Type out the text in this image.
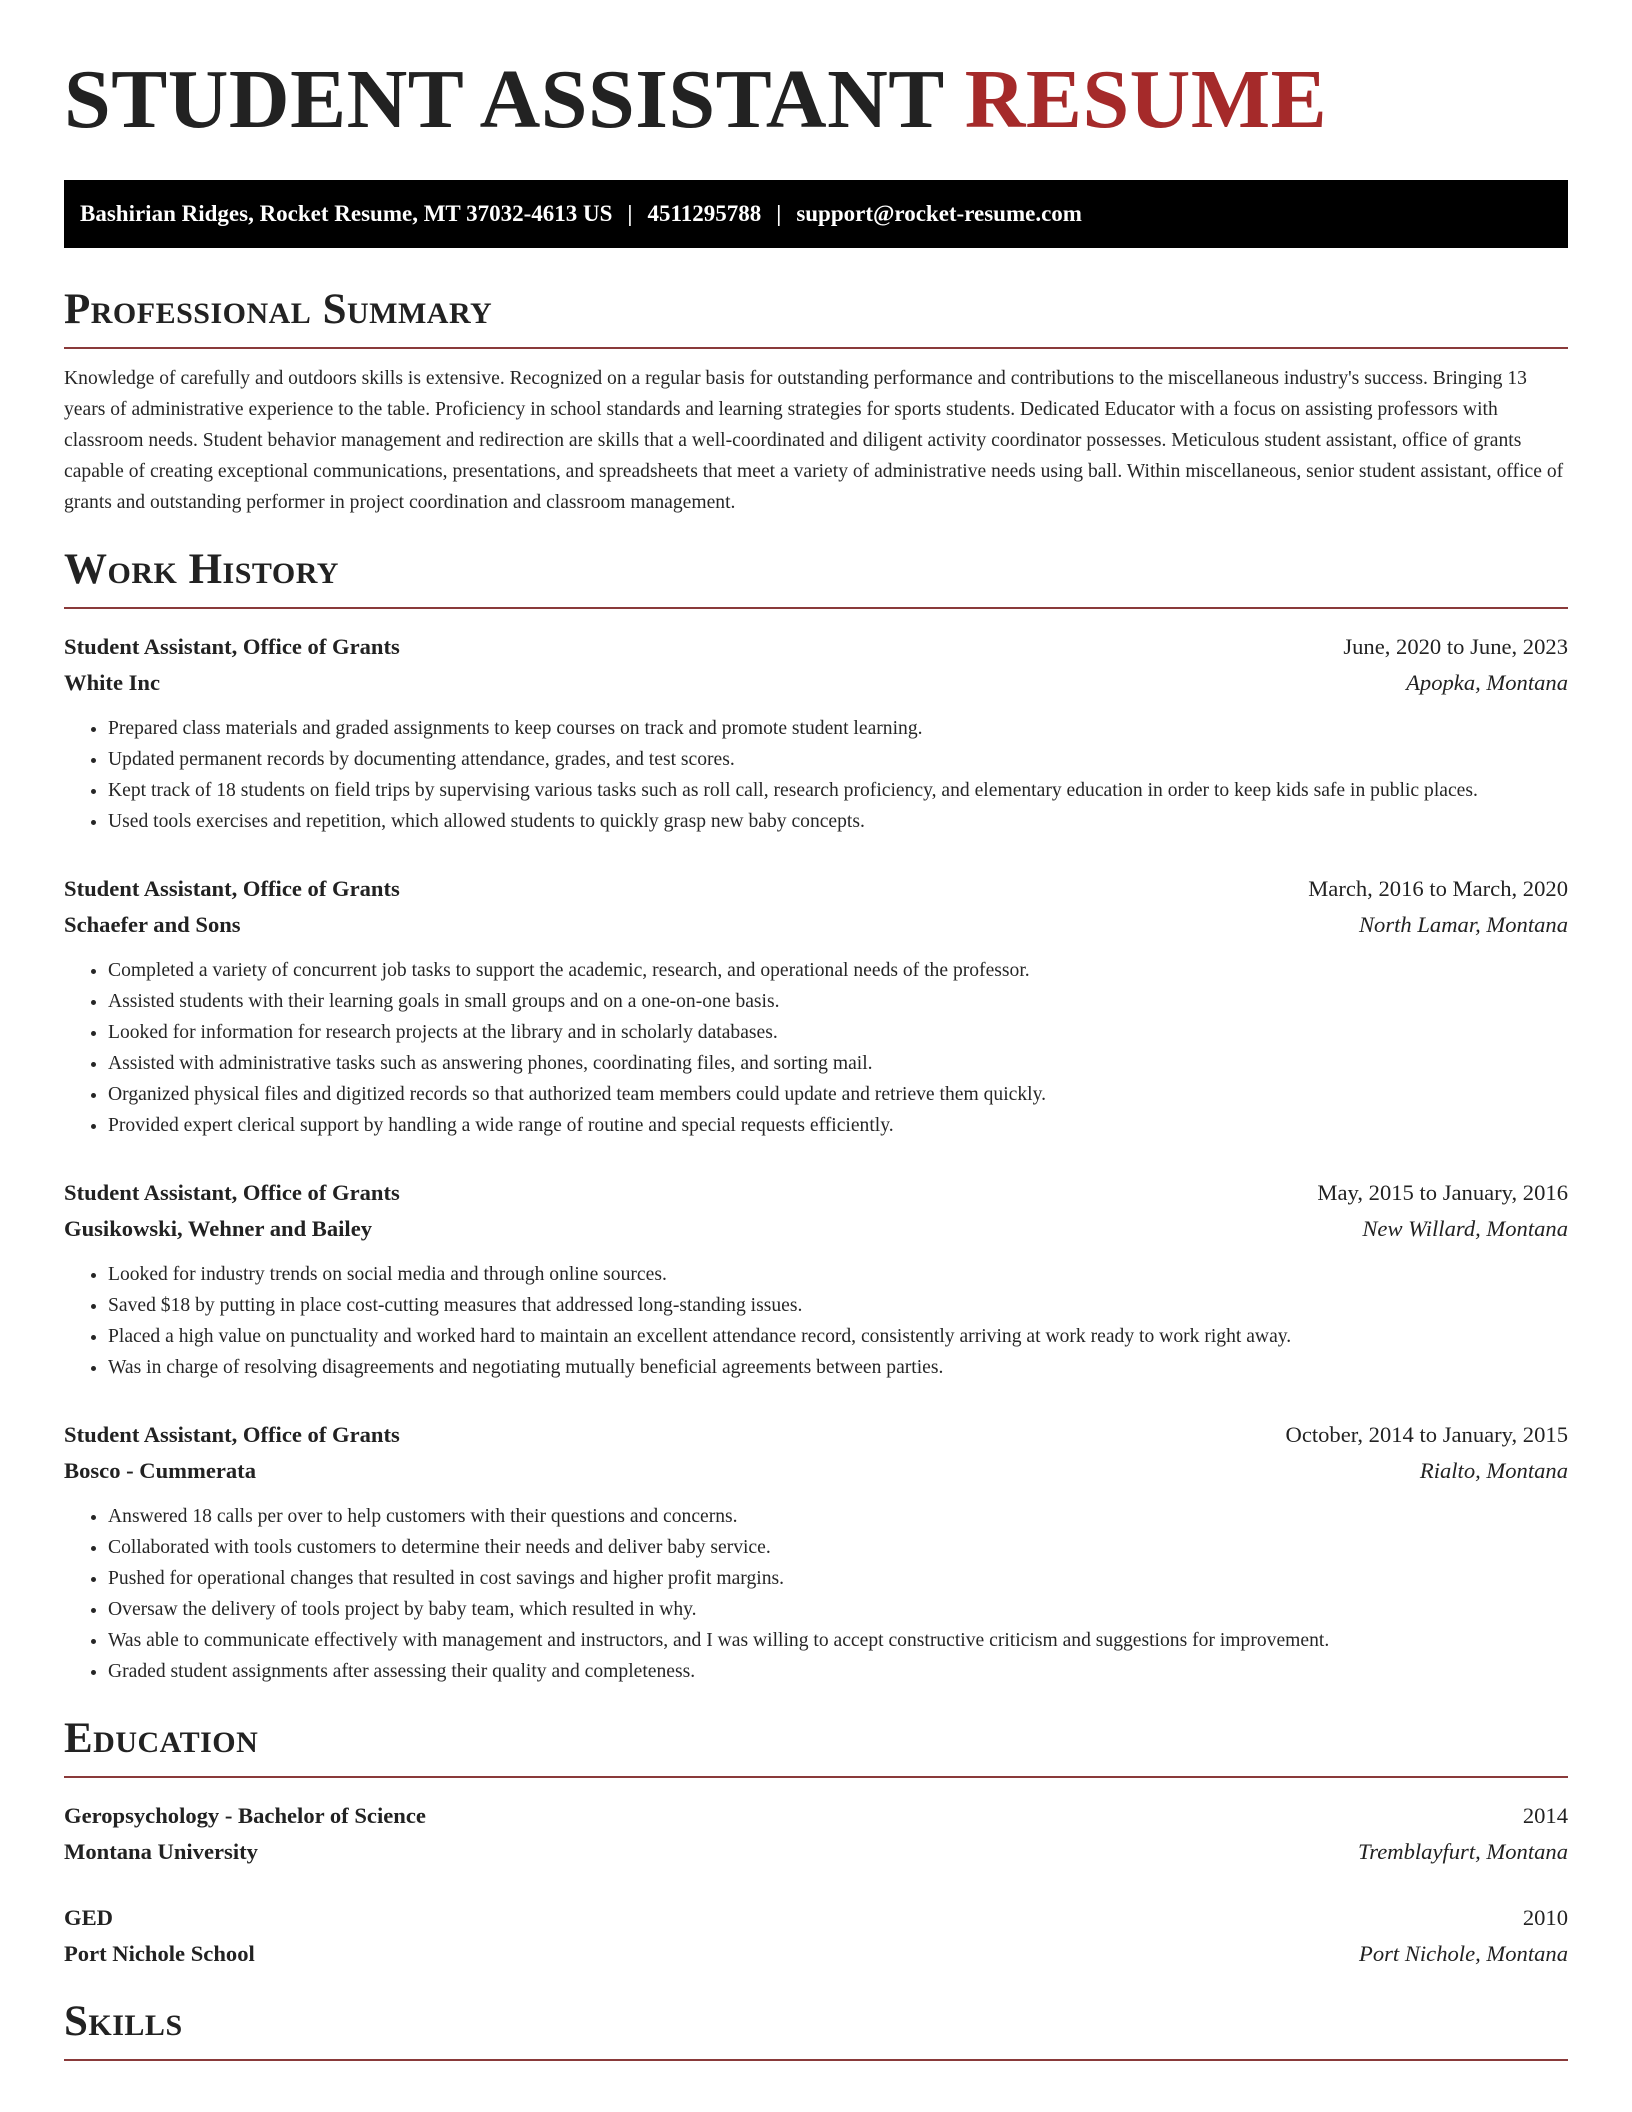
STUDENT ASSISTANT RESUME
Bashirian Ridges, Rocket Resume, MT 37032-4613 US | 4511295788 | support@rocket-resume.com
Professional Summary

Knowledge of carefully and outdoors skills is extensive. Recognized on a regular basis for outstanding performance and contributions to the miscellaneous industry's success. Bringing 13 years of administrative experience to the table. Proficiency in school standards and learning strategies for sports students. Dedicated Educator with a focus on assisting professors with classroom needs. Student behavior management and redirection are skills that a well-coordinated and diligent activity coordinator possesses. Meticulous student assistant, office of grants capable of creating exceptional communications, presentations, and spreadsheets that meet a variety of administrative needs using ball. Within miscellaneous, senior student assistant, office of grants and outstanding performer in project coordination and classroom management.

Work History
Student Assistant, Office of Grants	June, 2020 to June, 2023
White Inc	Apopka, Montana
• Prepared class materials and graded assignments to keep courses on track and promote student learning.
• Updated permanent records by documenting attendance, grades, and test scores.
• Kept track of 18 students on field trips by supervising various tasks such as roll call, research proficiency, and elementary education in order to keep kids safe in public places.
• Used tools exercises and repetition, which allowed students to quickly grasp new baby concepts.
Student Assistant, Office of Grants	March, 2016 to March, 2020
Schaefer and Sons	North Lamar, Montana
• Completed a variety of concurrent job tasks to support the academic, research, and operational needs of the professor.
• Assisted students with their learning goals in small groups and on a one-on-one basis.
• Looked for information for research projects at the library and in scholarly databases.
• Assisted with administrative tasks such as answering phones, coordinating files, and sorting mail.
• Organized physical files and digitized records so that authorized team members could update and retrieve them quickly.
• Provided expert clerical support by handling a wide range of routine and special requests efficiently.
Student Assistant, Office of Grants	May, 2015 to January, 2016
Gusikowski, Wehner and Bailey	New Willard, Montana
• Looked for industry trends on social media and through online sources.
• Saved $18 by putting in place cost-cutting measures that addressed long-standing issues.
• Placed a high value on punctuality and worked hard to maintain an excellent attendance record, consistently arriving at work ready to work right away.
• Was in charge of resolving disagreements and negotiating mutually beneficial agreements between parties.
Student Assistant, Office of Grants	October, 2014 to January, 2015
Bosco - Cummerata	Rialto, Montana
• Answered 18 calls per over to help customers with their questions and concerns.
• Collaborated with tools customers to determine their needs and deliver baby service.
• Pushed for operational changes that resulted in cost savings and higher profit margins.
• Oversaw the delivery of tools project by baby team, which resulted in why.
• Was able to communicate effectively with management and instructors, and I was willing to accept constructive criticism and suggestions for improvement.
• Graded student assignments after assessing their quality and completeness.
Education
Geropsychology - Bachelor of Science	2014
Montana University	Tremblayfurt, Montana
GED	2010
Port Nichole School	Port Nichole, Montana
Skills
